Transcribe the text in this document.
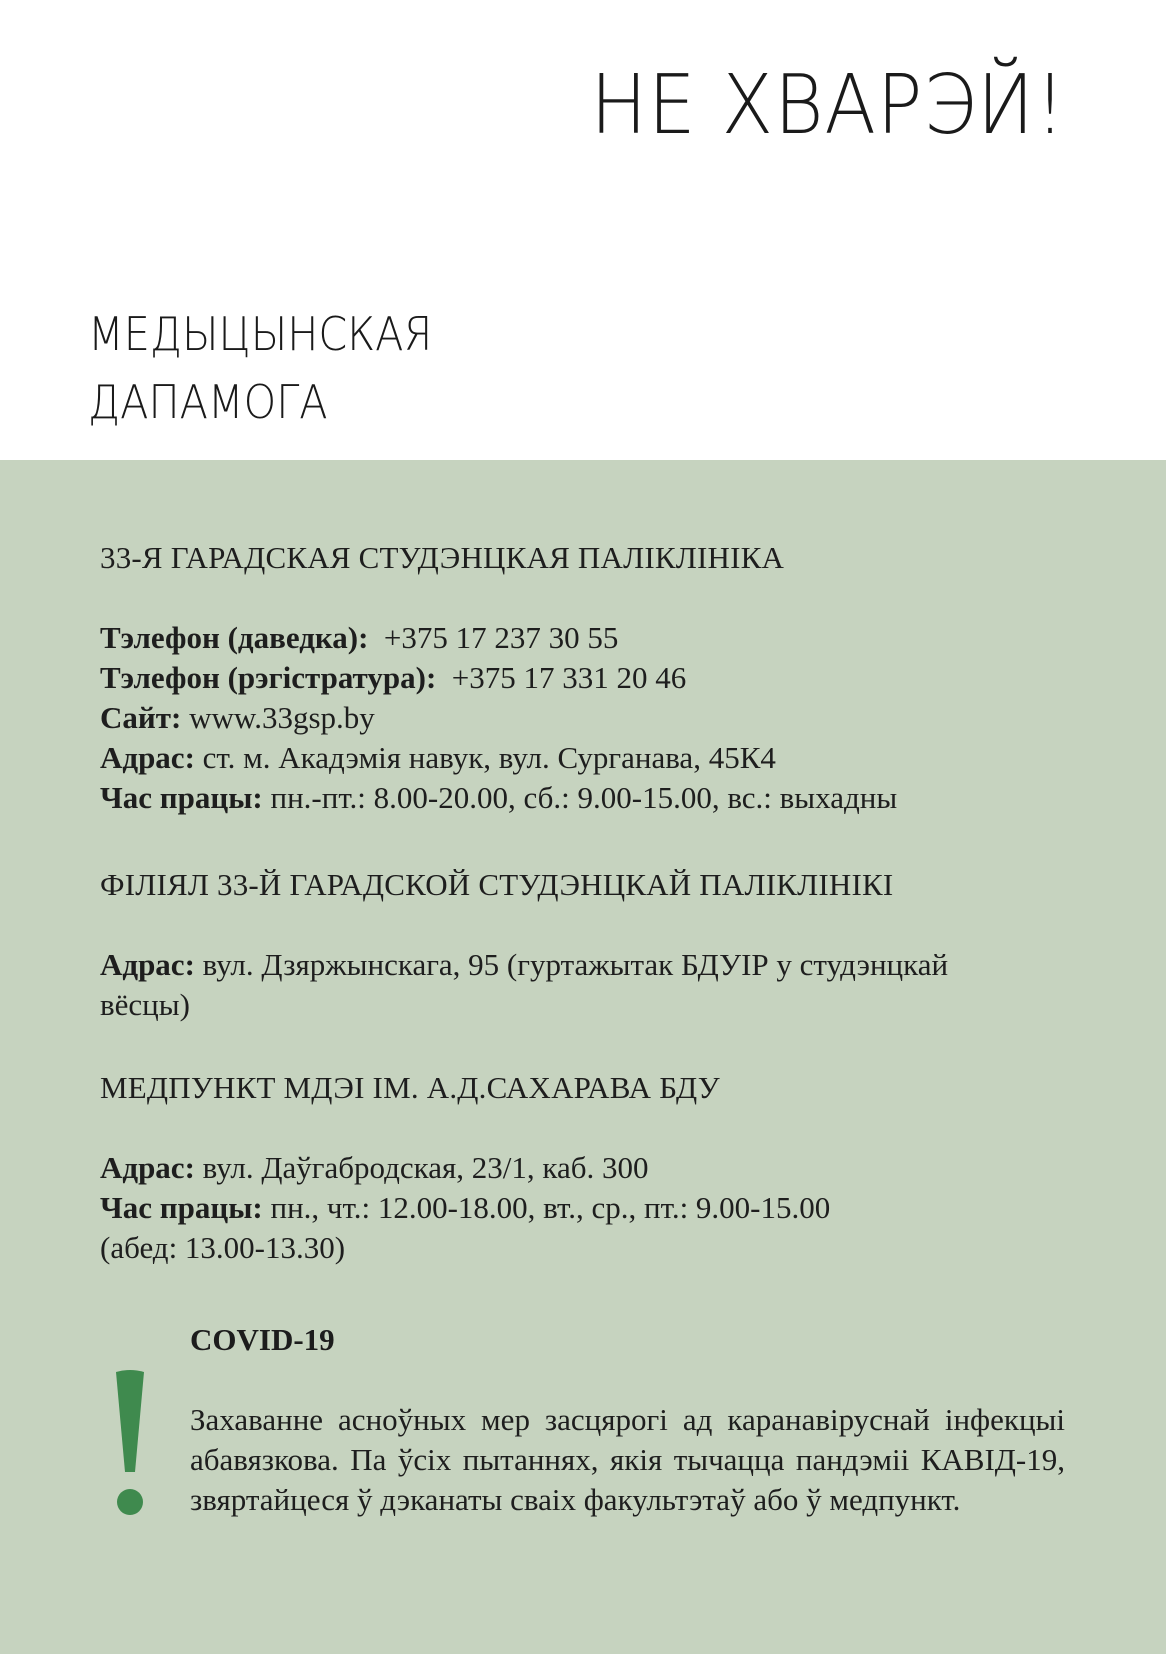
НЕ ХВАРЭЙ!
МЕДЫЦЫНСКАЯ
ДАПАМОГА
33-Я ГАРАДСКАЯ СТУДЭНЦКАЯ ПАЛІКЛІНІКА
Тэлефон (даведка): +375 17 237 30 55
Тэлефон (рэгістратура): +375 17 331 20 46
Сайт: www.33gsp.by
Адрас: ст. м. Акадэмія навук, вул. Сурганава, 45К4
Час працы: пн.-пт.: 8.00-20.00, сб.: 9.00-15.00, вс.: выхадны
ФІЛІЯЛ 33-Й ГАРАДСКОЙ СТУДЭНЦКАЙ ПАЛІКЛІНІКІ
Адрас: вул. Дзяржынскага, 95 (гуртажытак БДУІР у студэнцкай вёсцы)
МЕДПУНКТ МДЭІ ІМ. А.Д.САХАРАВА БДУ
Адрас: вул. Даўгабродская, 23/1, каб. 300
Час працы: пн., чт.: 12.00-18.00, вт., ср., пт.: 9.00-15.00
(абед: 13.00-13.30)
COVID-19

Захаванне асноўных мер засцярогі ад каранавіруснай інфекцыі абавязкова. Па ўсіх пытаннях, якія тычацца пандэміі КАВІД-19, звяртайцеся ў дэканаты сваіх факультэтаў або ў медпункт.
